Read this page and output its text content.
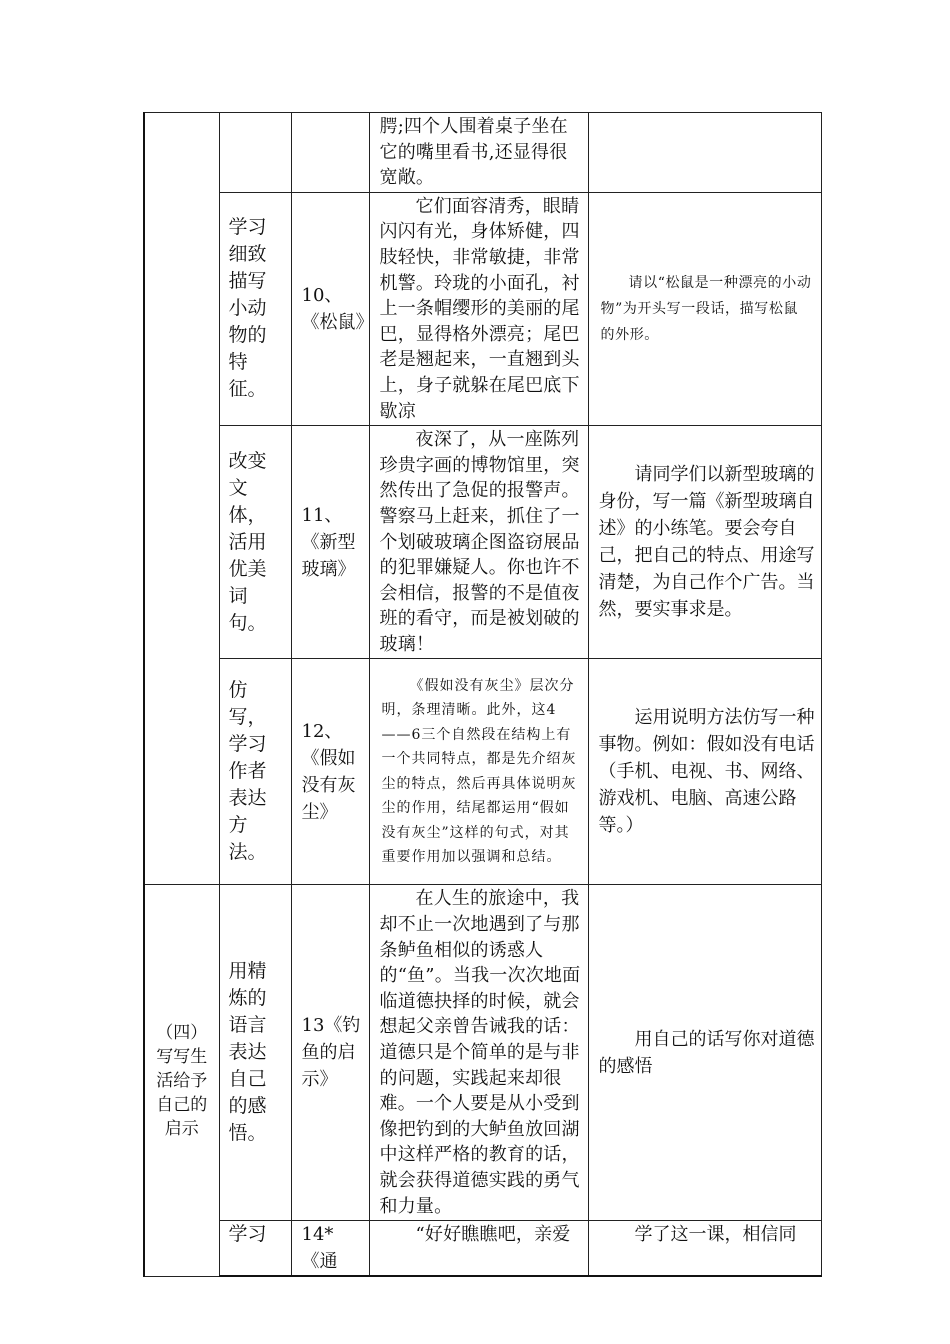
			腭;四个人围着桌子坐在它的嘴里看书,还显得很宽敞。	
	学习细致描写小动物的特征。	10、《松鼠》	它们面容清秀，眼睛闪闪有光，身体矫健，四肢轻快，非常敏捷，非常机警。玲珑的小面孔，衬上一条帽缨形的美丽的尾巴，显得格外漂亮；尾巴老是翘起来，一直翘到头上，身子就躲在尾巴底下歇凉	请以“松鼠是一种漂亮的小动物”为开头写一段话，描写松鼠的外形。
	改变文体，活用优美词句。	11、《新型玻璃》	夜深了，从一座陈列珍贵字画的博物馆里，突然传出了急促的报警声。警察马上赶来，抓住了一个划破玻璃企图盗窃展品的犯罪嫌疑人。你也许不会相信，报警的不是值夜班的看守，而是被划破的玻璃！	请同学们以新型玻璃的身份，写一篇《新型玻璃自述》的小练笔。要会夸自己，把自己的特点、用途写清楚，为自己作个广告。当然，要实事求是。
	仿写，学习作者表达方法。	12、《假如没有灰尘》	《假如没有灰尘》层次分明，条理清晰。此外，这4——6三个自然段在结构上有一个共同特点，都是先介绍灰尘的特点，然后再具体说明灰尘的作用，结尾都运用“假如没有灰尘”这样的句式，对其重要作用加以强调和总结。	运用说明方法仿写一种事物。例如：假如没有电话（手机、电视、书、网络、游戏机、电脑、高速公路等。）
（四）写写生活给予自己的启示	用精炼的语言表达自己的感悟。	13《钓鱼的启示》	在人生的旅途中，我却不止一次地遇到了与那条鲈鱼相似的诱惑人的“鱼”。当我一次次地面临道德抉择的时候，就会想起父亲曾告诫我的话：道德只是个简单的是与非的问题，实践起来却很难。一个人要是从小受到像把钓到的大鲈鱼放回湖中这样严格的教育的话，就会获得道德实践的勇气和力量。	用自己的话写你对道德的感悟
	学习	14*《通	“好好瞧瞧吧，亲爱	学了这一课，相信同
